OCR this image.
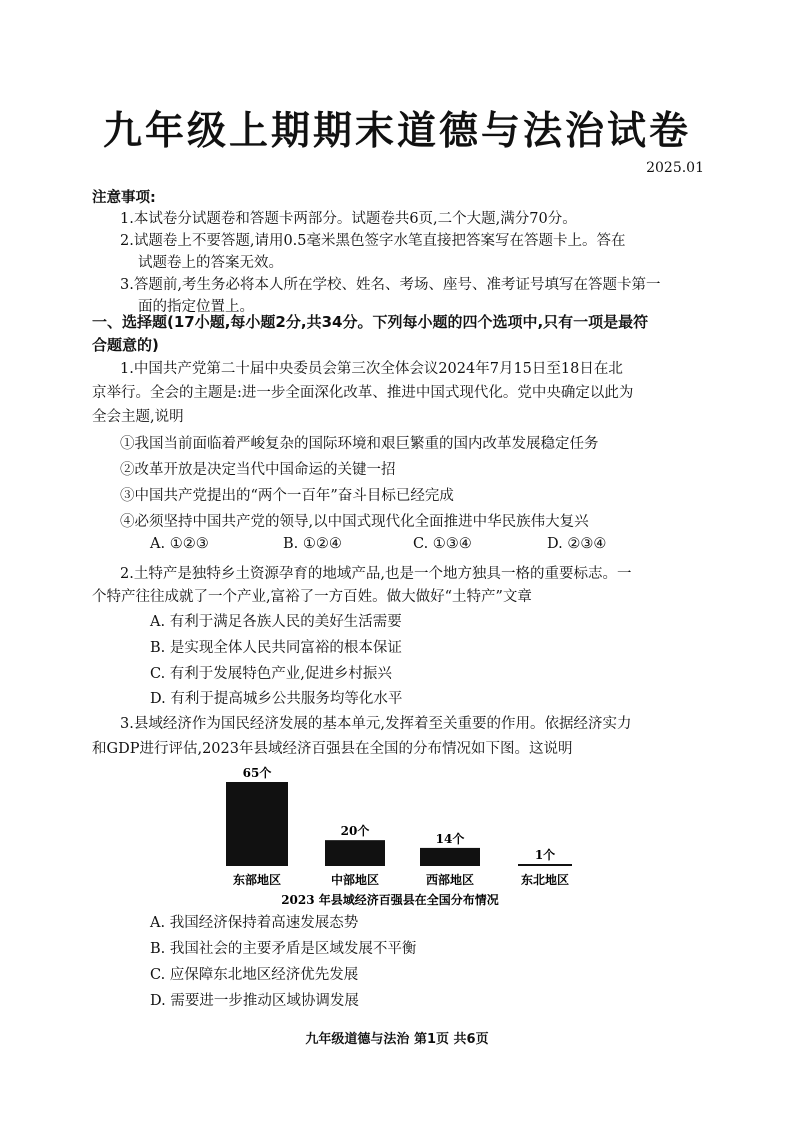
九年级上期期末道德与法治试卷
2025.01
注意事项:
1.本试卷分试题卷和答题卡两部分。试题卷共6页,二个大题,满分70分。
2.试题卷上不要答题,请用0.5毫米黑色签字水笔直接把答案写在答题卡上。答在
试题卷上的答案无效。
3.答题前,考生务必将本人所在学校、姓名、考场、座号、准考证号填写在答题卡第一
面的指定位置上。
一、选择题(17小题,每小题2分,共34分。下列每小题的四个选项中,只有一项是最符
合题意的)
1.中国共产党第二十届中央委员会第三次全体会议2024年7月15日至18日在北
京举行。全会的主题是:进一步全面深化改革、推进中国式现代化。党中央确定以此为
全会主题,说明
①我国当前面临着严峻复杂的国际环境和艰巨繁重的国内改革发展稳定任务
②改革开放是决定当代中国命运的关键一招
③中国共产党提出的“两个一百年”奋斗目标已经完成
④必须坚持中国共产党的领导,以中国式现代化全面推进中华民族伟大复兴
A. ①②③	B. ①②④	C. ①③④	D. ②③④
2.土特产是独特乡土资源孕育的地域产品,也是一个地方独具一格的重要标志。一
个特产往往成就了一个产业,富裕了一方百姓。做大做好“土特产”文章
A. 有利于满足各族人民的美好生活需要
B. 是实现全体人民共同富裕的根本保证
C. 有利于发展特色产业,促进乡村振兴
D. 有利于提高城乡公共服务均等化水平
3.县域经济作为国民经济发展的基本单元,发挥着至关重要的作用。依据经济实力
和GDP进行评估,2023年县域经济百强县在全国的分布情况如下图。这说明
65个
东部地区
20个
中部地区
14个
西部地区
1个
东北地区
2023 年县域经济百强县在全国分布情况
A. 我国经济保持着高速发展态势
B. 我国社会的主要矛盾是区域发展不平衡
C. 应保障东北地区经济优先发展
D. 需要进一步推动区域协调发展
九年级道德与法治 第1页 共6页
